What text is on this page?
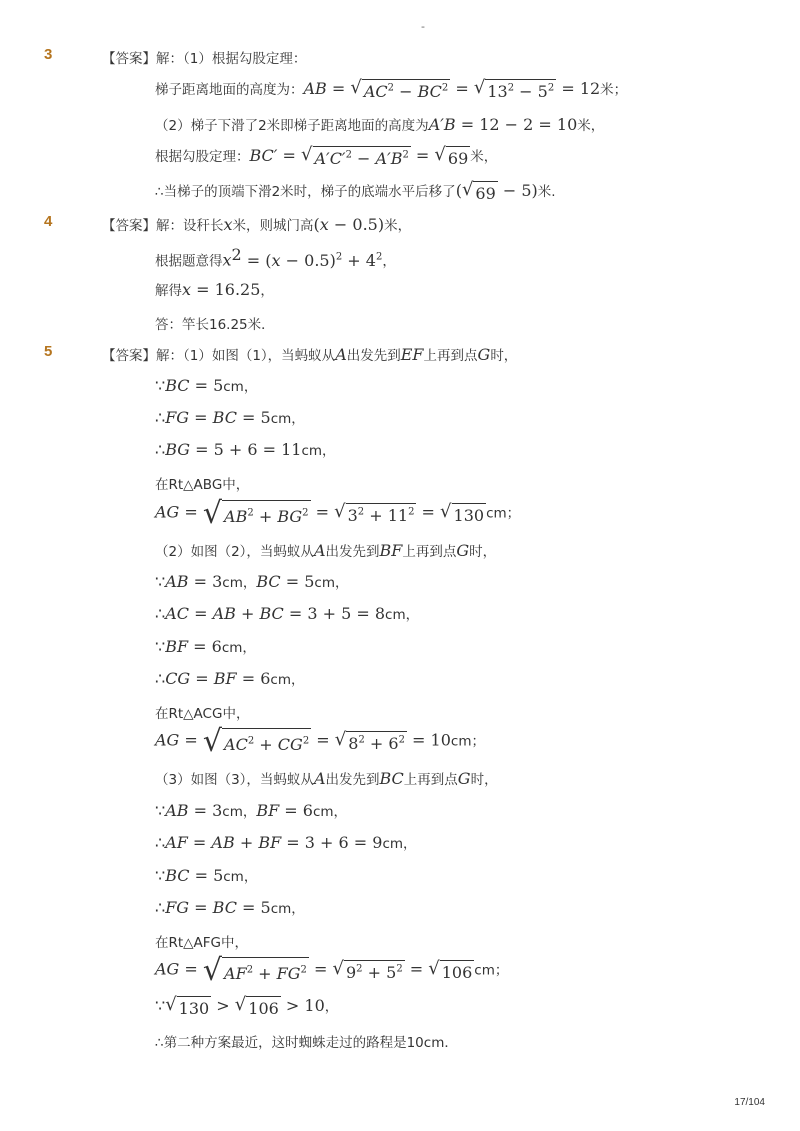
-
3	【答案】解：（1）根据勾股定理：
梯子距离地面的高度为：AB = √ $AC^2 - BC^2$ = √ $13^2 - 5^2 = 12$米；
（2）梯子下滑了2米即梯子距离地面的高度为A′B = 12 − 2 = 10米，
根据勾股定理：BC′ = √ $A'C'^2 - A'B^2$ = √ 69 米，
∴当梯子的顶端下滑2米时，梯子的底端水平后移了( √ 69 − 5)米.
4	【答案】解：设秆长x米，则城门高(x − 0.5)米，
根据题意得$x^2 = (x - 0.5)^2 + 4^2$，
解得x = 16.25，
答：竿长16.25米．
5	【答案】解：（1）如图（1），当蚂蚁从A出发先到EF上再到点G时，
∵BC = 5cm，
∴FG = BC = 5cm，
∴BG = 5 + 6 = 11cm，
在Rt△ABG中，
AG = √ $AB^2 + BG^2$ = √ $3^2 + 11^2$ = √ 130 cm；
（2）如图（2），当蚂蚁从A出发先到BF上再到点G时，
∵AB = 3cm，BC = 5cm，
∴AC = AB + BC = 3 + 5 = 8cm，
∵BF = 6cm，
∴CG = BF = 6cm，
在Rt△ACG中，
AG = √ $AC^2 + CG^2$ = √ $8^2 + 6^2 = 10cm$；
（3）如图（3），当蚂蚁从A出发先到BC上再到点G时，
∵AB = 3cm，BF = 6cm，
∴AF = AB + BF = 3 + 6 = 9cm，
∵BC = 5cm，
∴FG = BC = 5cm，
在Rt△AFG中，
AG = √ $AF^2 + FG^2$ = √ $9^2 + 5^2$ = √ 106 cm；
∵ √ 130 > √ 106 > 10，
∴第二种方案最近，这时蜘蛛走过的路程是10cm．
17/104
